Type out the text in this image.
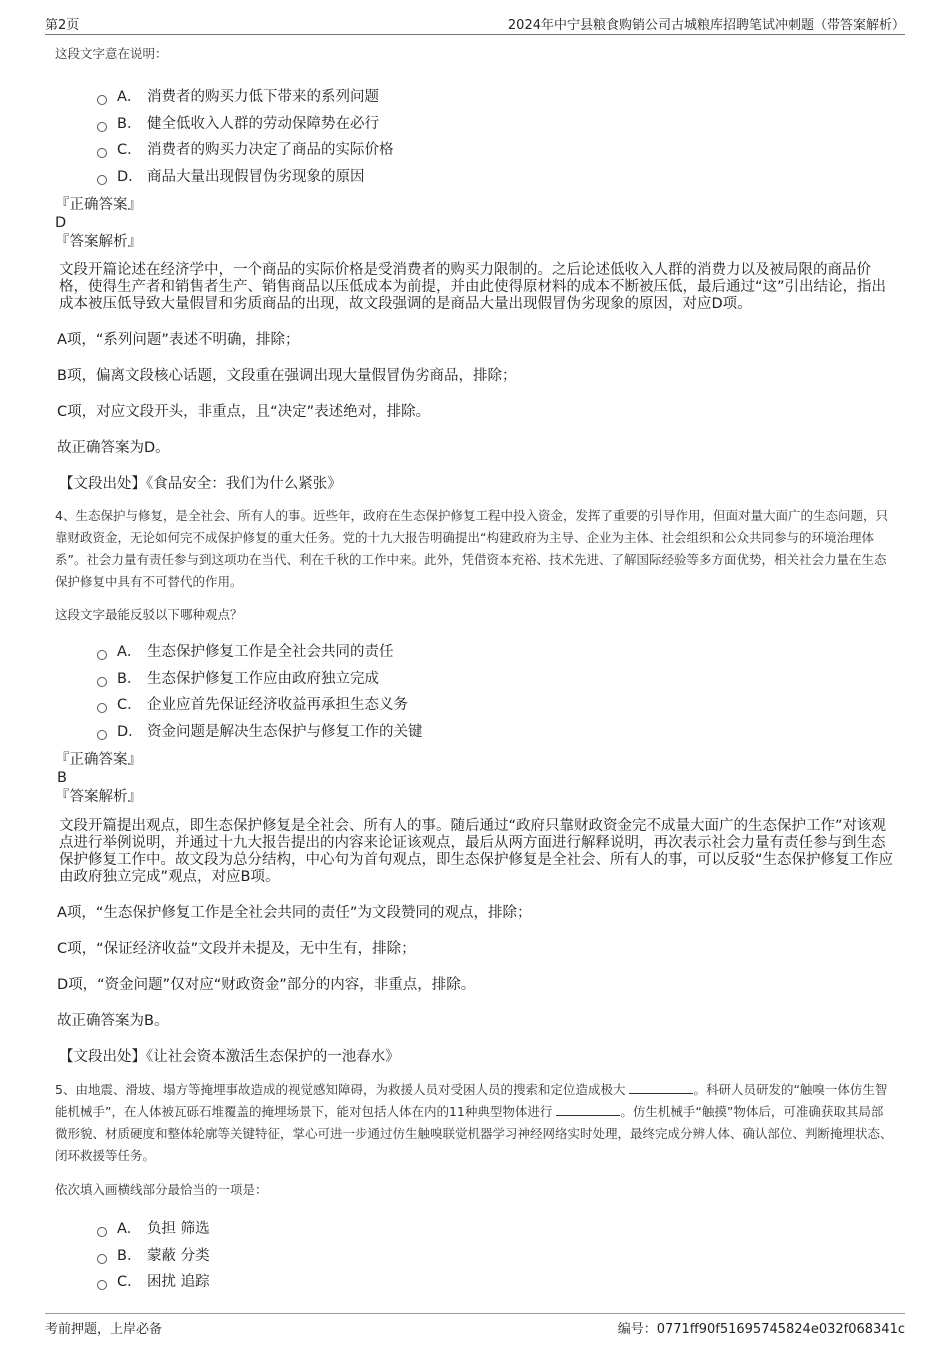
第2页	2024年中宁县粮食购销公司古城粮库招聘笔试冲刺题（带答案解析）

这段文字意在说明：

A． 消费者的购买力低下带来的系列问题
B． 健全低收入人群的劳动保障势在必行
C． 消费者的购买力决定了商品的实际价格
D． 商品大量出现假冒伪劣现象的原因

『正确答案』

D

『答案解析』

文段开篇论述在经济学中，一个商品的实际价格是受消费者的购买力限制的。之后论述低收入人群的消费力以及被局限的商品价格，使得生产者和销售者生产、销售商品以压低成本为前提，并由此使得原材料的成本不断被压低，最后通过“这”引出结论，指出成本被压低导致大量假冒和劣质商品的出现，故文段强调的是商品大量出现假冒伪劣现象的原因，对应D项。

A项，“系列问题”表述不明确，排除；

B项，偏离文段核心话题，文段重在强调出现大量假冒伪劣商品，排除；

C项，对应文段开头，非重点，且“决定”表述绝对，排除。

故正确答案为D。

【文段出处】《食品安全：我们为什么紧张》

4、生态保护与修复，是全社会、所有人的事。近些年，政府在生态保护修复工程中投入资金，发挥了重要的引导作用，但面对量大面广的生态问题，只靠财政资金，无论如何完不成保护修复的重大任务。党的十九大报告明确提出“构建政府为主导、企业为主体、社会组织和公众共同参与的环境治理体系”。社会力量有责任参与到这项功在当代、利在千秋的工作中来。此外，凭借资本充裕、技术先进、了解国际经验等多方面优势，相关社会力量在生态保护修复中具有不可替代的作用。

这段文字最能反驳以下哪种观点？

A． 生态保护修复工作是全社会共同的责任
B． 生态保护修复工作应由政府独立完成
C． 企业应首先保证经济收益再承担生态义务
D． 资金问题是解决生态保护与修复工作的关键

『正确答案』

B

『答案解析』

文段开篇提出观点，即生态保护修复是全社会、所有人的事。随后通过“政府只靠财政资金完不成量大面广的生态保护工作”对该观点进行举例说明，并通过十九大报告提出的内容来论证该观点，最后从两方面进行解释说明，再次表示社会力量有责任参与到生态保护修复工作中。故文段为总分结构，中心句为首句观点，即生态保护修复是全社会、所有人的事，可以反驳“生态保护修复工作应由政府独立完成”观点，对应B项。

A项，“生态保护修复工作是全社会共同的责任”为文段赞同的观点，排除；

C项，“保证经济收益”文段并未提及，无中生有，排除；

D项，“资金问题”仅对应“财政资金”部分的内容，非重点，排除。

故正确答案为B。

【文段出处】《让社会资本激活生态保护的一池春水》

5、由地震、滑坡、塌方等掩埋事故造成的视觉感知障碍，为救援人员对受困人员的搜索和定位造成极大	。科研人员研发的“触嗅一体仿生智能机械手”，在人体被瓦砾石堆覆盖的掩埋场景下，能对包括人体在内的11种典型物体进行	。仿生机械手“触摸”物体后，可准确获取其局部微形貌、材质硬度和整体轮廓等关键特征，掌心可进一步通过仿生触嗅联觉机器学习神经网络实时处理，最终完成分辨人体、确认部位、判断掩埋状态、闭环救援等任务。

依次填入画横线部分最恰当的一项是：

A． 负担 筛选
B． 蒙蔽 分类
C． 困扰 追踪
考前押题，上岸必备	编号：0771ff90f51695745824e032f068341c
